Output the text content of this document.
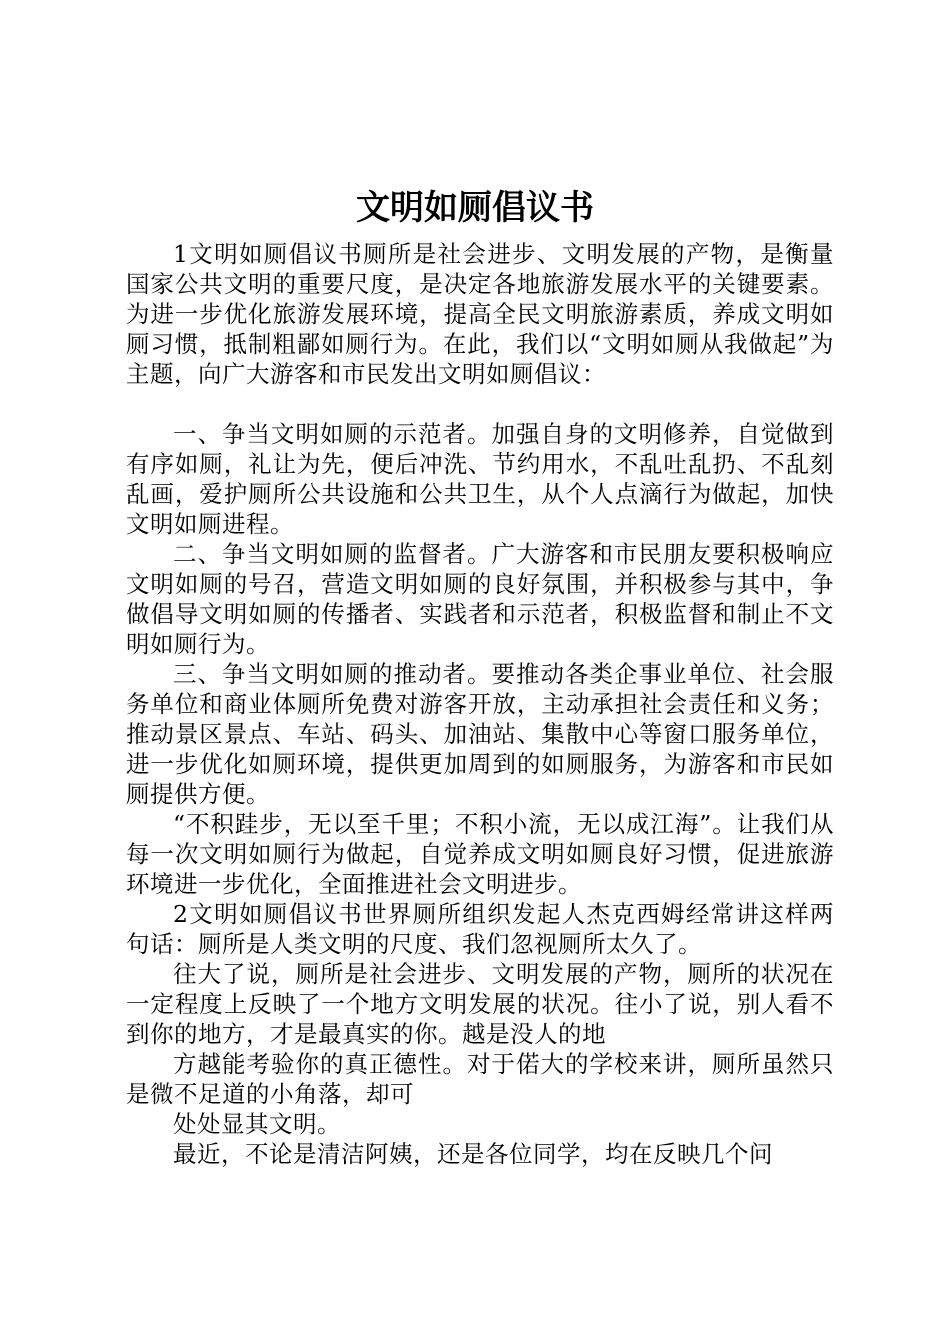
文明如厕倡议书

1文明如厕倡议书厕所是社会进步、文明发展的产物，是衡量国家公共文明的重要尺度，是决定各地旅游发展水平的关键要素。为进一步优化旅游发展环境，提高全民文明旅游素质，养成文明如厕习惯，抵制粗鄙如厕行为。在此，我们以“文明如厕从我做起”为主题，向广大游客和市民发出文明如厕倡议：

一、争当文明如厕的示范者。加强自身的文明修养，自觉做到有序如厕，礼让为先，便后冲洗、节约用水，不乱吐乱扔、不乱刻乱画，爱护厕所公共设施和公共卫生，从个人点滴行为做起，加快文明如厕进程。

二、争当文明如厕的监督者。广大游客和市民朋友要积极响应文明如厕的号召，营造文明如厕的良好氛围，并积极参与其中，争做倡导文明如厕的传播者、实践者和示范者，积极监督和制止不文明如厕行为。

三、争当文明如厕的推动者。要推动各类企事业单位、社会服务单位和商业体厕所免费对游客开放，主动承担社会责任和义务；推动景区景点、车站、码头、加油站、集散中心等窗口服务单位，进一步优化如厕环境，提供更加周到的如厕服务，为游客和市民如厕提供方便。

“不积跬步，无以至千里；不积小流，无以成江海”。让我们从每一次文明如厕行为做起，自觉养成文明如厕良好习惯，促进旅游环境进一步优化，全面推进社会文明进步。

2文明如厕倡议书世界厕所组织发起人杰克西姆经常讲这样两句话：厕所是人类文明的尺度、我们忽视厕所太久了。

往大了说，厕所是社会进步、文明发展的产物，厕所的状况在一定程度上反映了一个地方文明发展的状况。往小了说，别人看不到你的地方，才是最真实的你。越是没人的地

方越能考验你的真正德性。对于偌大的学校来讲，厕所虽然只是微不足道的小角落，却可

处处显其文明。

最近，不论是清洁阿姨，还是各位同学，均在反映几个问
